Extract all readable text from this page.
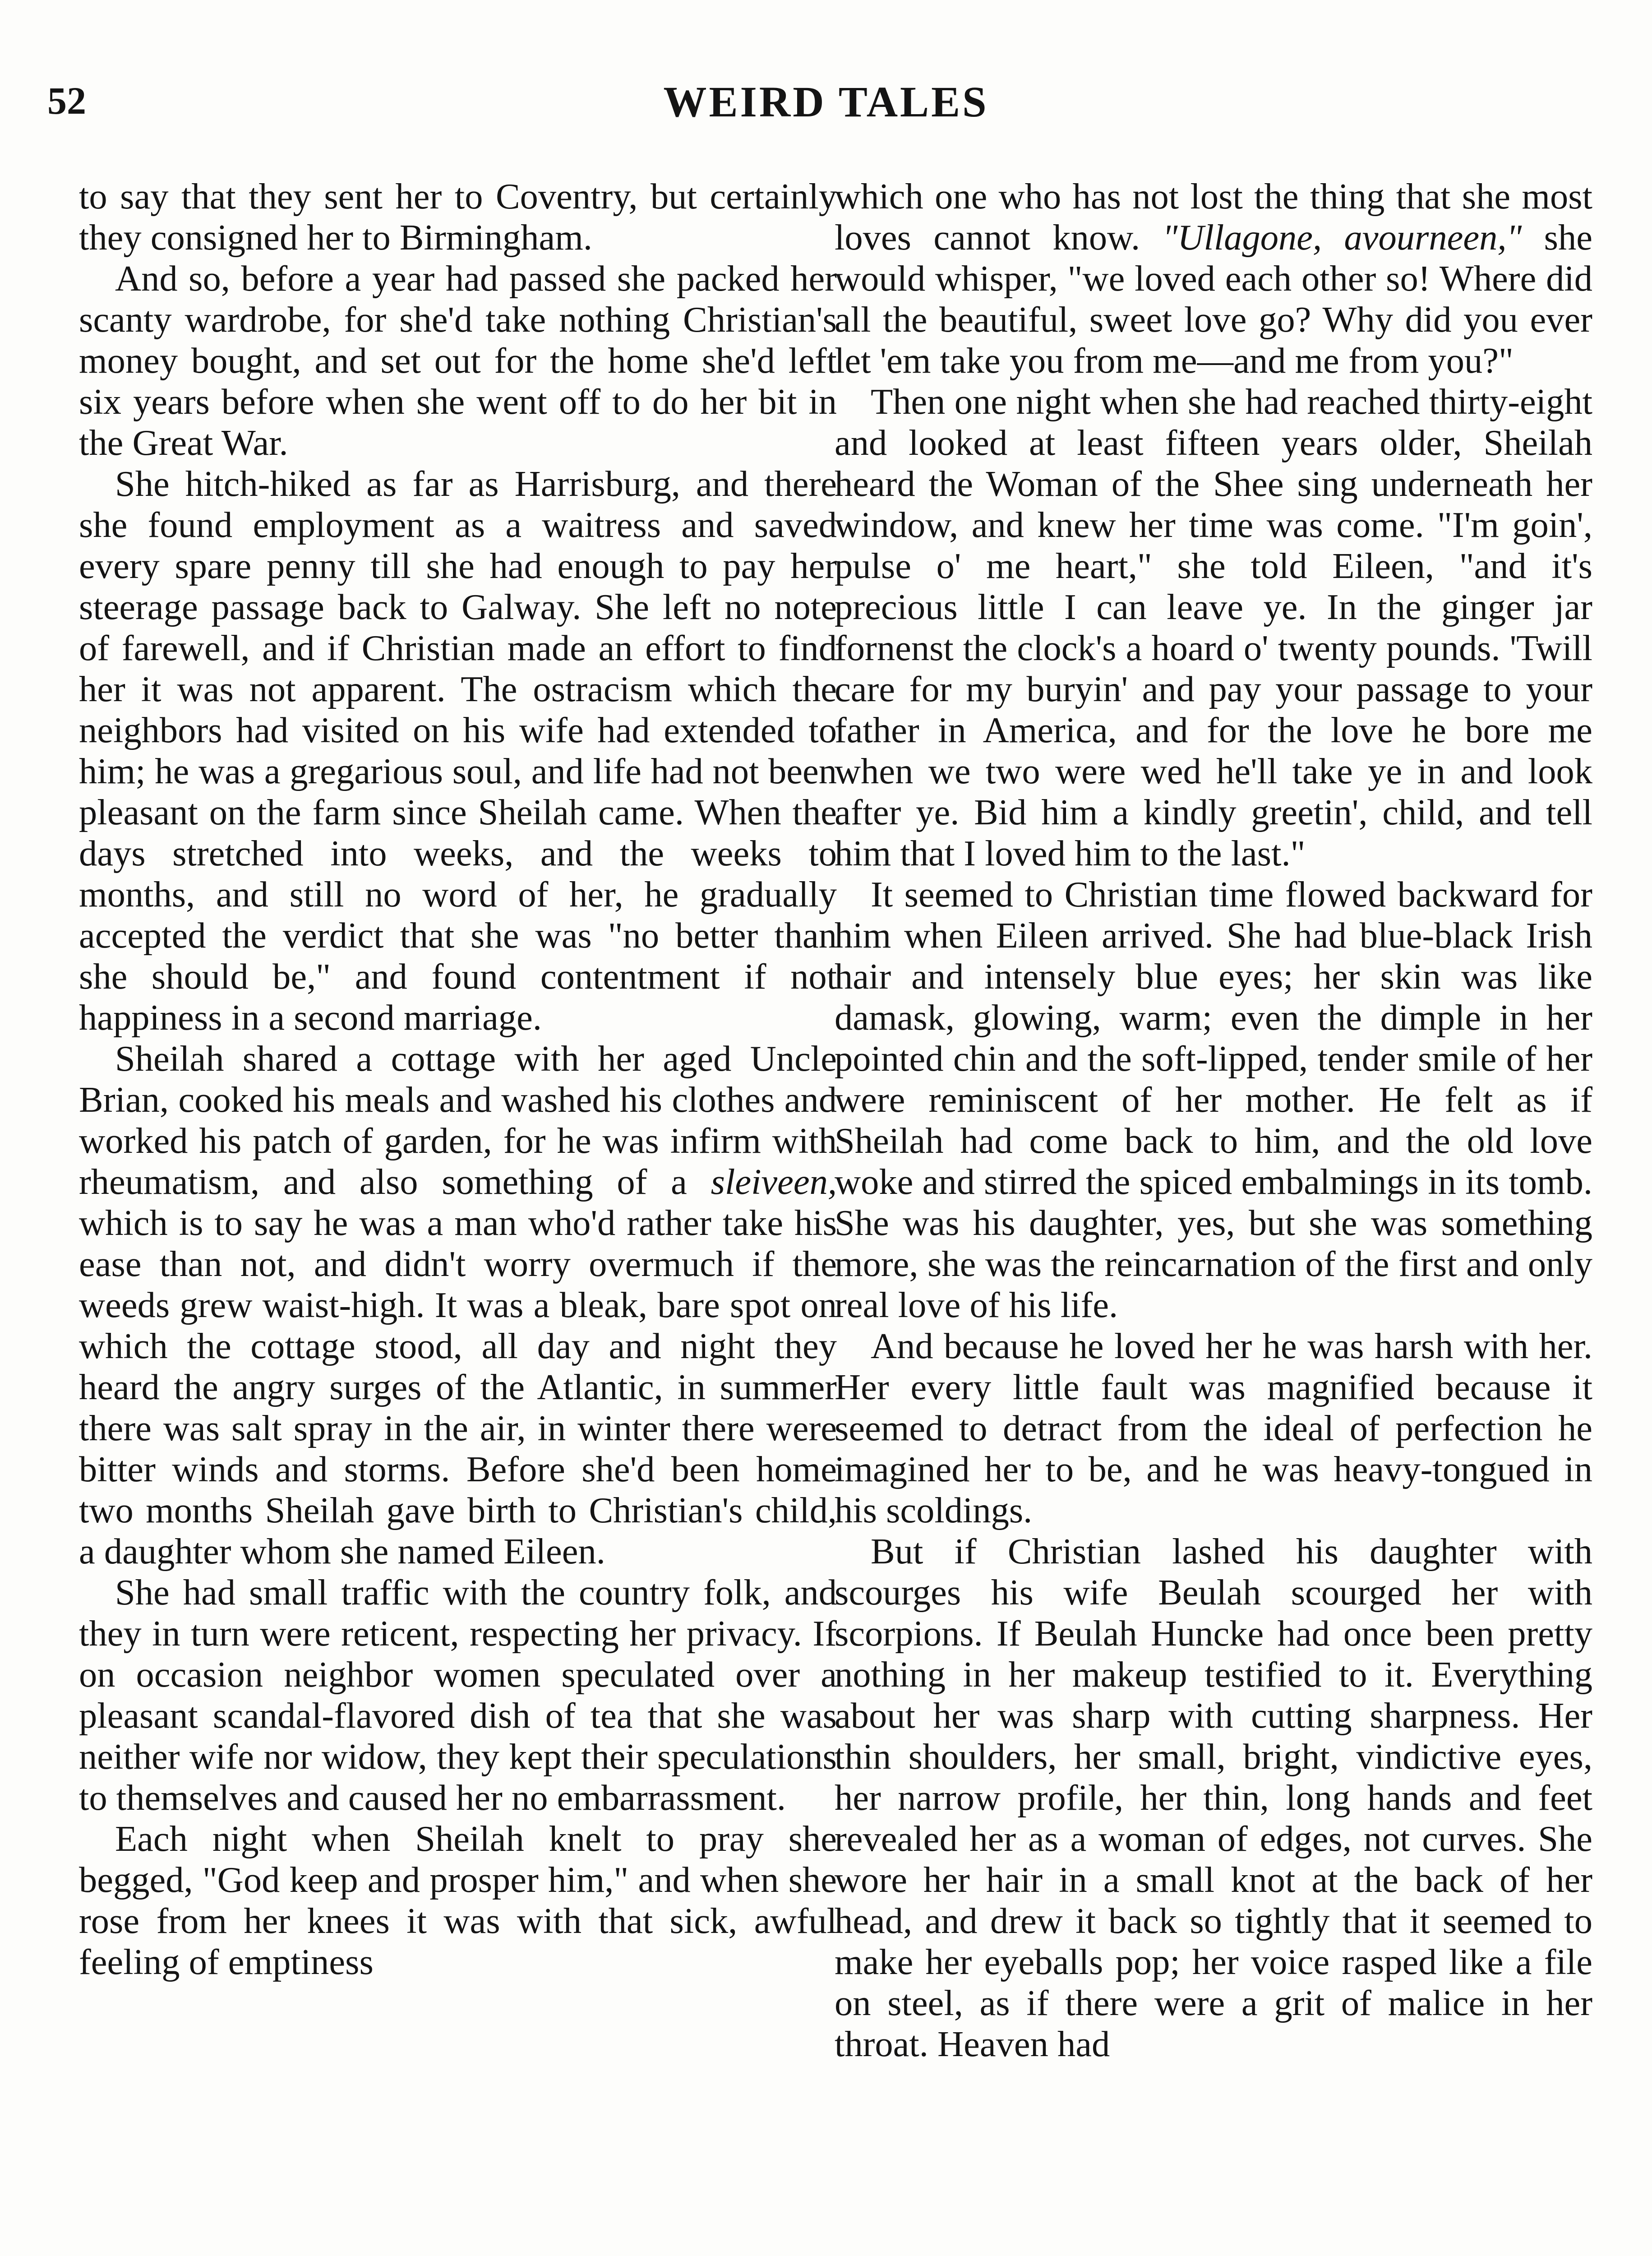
52	WEIRD TALES

to say that they sent her to Coventry, but certainly they consigned her to Birmingham.

And so, before a year had passed she packed her scanty wardrobe, for she'd take nothing Christian's money bought, and set out for the home she'd left six years before when she went off to do her bit in the Great War.

She hitch-hiked as far as Harrisburg, and there she found employment as a waitress and saved every spare penny till she had enough to pay her steerage passage back to Galway. She left no note of farewell, and if Christian made an effort to find her it was not apparent. The ostracism which the neighbors had visited on his wife had extended to him; he was a gregarious soul, and life had not been pleasant on the farm since Sheilah came. When the days stretched into weeks, and the weeks to months, and still no word of her, he gradually accepted the verdict that she was "no better than she should be," and found contentment if not happiness in a second marriage.

Sheilah shared a cottage with her aged Uncle Brian, cooked his meals and washed his clothes and worked his patch of garden, for he was infirm with rheumatism, and also something of a sleiveen, which is to say he was a man who'd rather take his ease than not, and didn't worry overmuch if the weeds grew waist-high. It was a bleak, bare spot on which the cottage stood, all day and night they heard the angry surges of the Atlantic, in summer there was salt spray in the air, in winter there were bitter winds and storms. Before she'd been home two months Sheilah gave birth to Christian's child, a daughter whom she named Eileen.

She had small traffic with the country folk, and they in turn were reticent, respecting her privacy. If on occasion neighbor women speculated over a pleasant scandal-flavored dish of tea that she was neither wife nor widow, they kept their speculations to themselves and caused her no embarrassment.

Each night when Sheilah knelt to pray she begged, "God keep and prosper him," and when she rose from her knees it was with that sick, awful feeling of emptiness

which one who has not lost the thing that she most loves cannot know. "Ullagone, avourneen," she would whisper, "we loved each other so! Where did all the beautiful, sweet love go? Why did you ever let 'em take you from me—and me from you?"

Then one night when she had reached thirty-eight and looked at least fifteen years older, Sheilah heard the Woman of the Shee sing underneath her window, and knew her time was come. "I'm goin', pulse o' me heart," she told Eileen, "and it's precious little I can leave ye. In the ginger jar fornenst the clock's a hoard o' twenty pounds. 'Twill care for my buryin' and pay your passage to your father in America, and for the love he bore me when we two were wed he'll take ye in and look after ye. Bid him a kindly greetin', child, and tell him that I loved him to the last."

It seemed to Christian time flowed backward for him when Eileen arrived. She had blue-black Irish hair and intensely blue eyes; her skin was like damask, glowing, warm; even the dimple in her pointed chin and the soft-lipped, tender smile of her were reminiscent of her mother. He felt as if Sheilah had come back to him, and the old love woke and stirred the spiced embalmings in its tomb. She was his daughter, yes, but she was something more, she was the reincarnation of the first and only real love of his life.

And because he loved her he was harsh with her. Her every little fault was magnified because it seemed to detract from the ideal of perfection he imagined her to be, and he was heavy-tongued in his scoldings.

But if Christian lashed his daughter with scourges his wife Beulah scourged her with scorpions. If Beulah Huncke had once been pretty nothing in her makeup testified to it. Everything about her was sharp with cutting sharpness. Her thin shoulders, her small, bright, vindictive eyes, her narrow profile, her thin, long hands and feet revealed her as a woman of edges, not curves. She wore her hair in a small knot at the back of her head, and drew it back so tightly that it seemed to make her eyeballs pop; her voice rasped like a file on steel, as if there were a grit of malice in her throat. Heaven had
